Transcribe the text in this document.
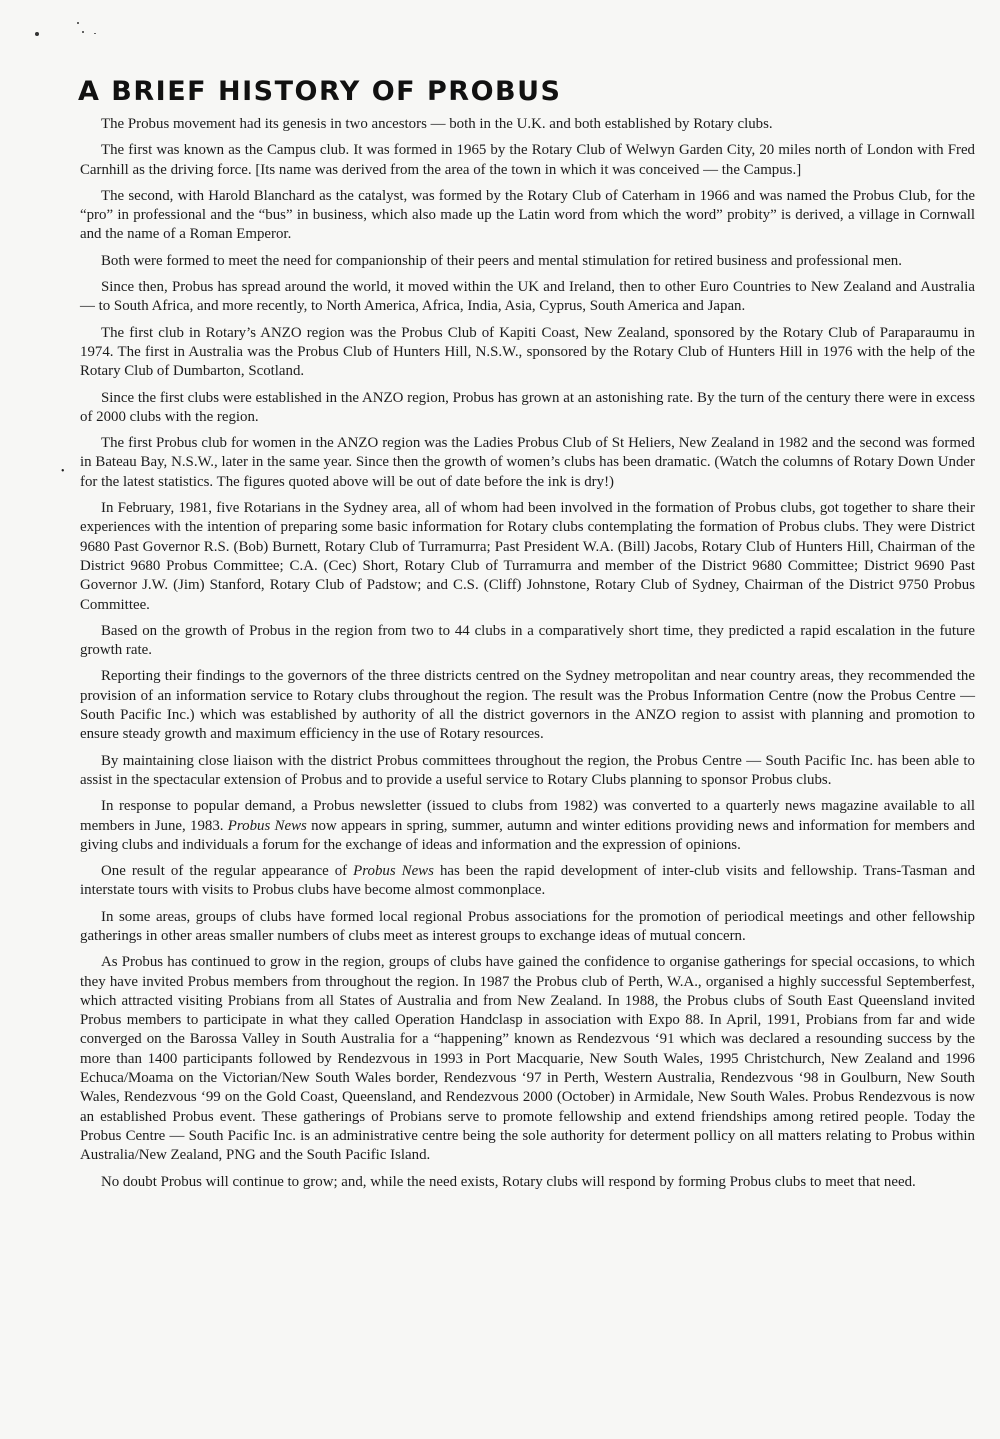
A BRIEF HISTORY OF PROBUS
•

The Probus movement had its genesis in two ancestors — both in the U.K. and both established by Rotary clubs.

The first was known as the Campus club. It was formed in 1965 by the Rotary Club of Welwyn Garden City, 20 miles north of London with Fred Carnhill as the driving force. [Its name was derived from the area of the town in which it was conceived — the Campus.]

The second, with Harold Blanchard as the catalyst, was formed by the Rotary Club of Caterham in 1966 and was named the Probus Club, for the “pro” in professional and the “bus” in business, which also made up the Latin word from which the word” probity” is derived, a village in Cornwall and the name of a Roman Emperor.

Both were formed to meet the need for companionship of their peers and mental stimulation for retired business and professional men.

Since then, Probus has spread around the world, it moved within the UK and Ireland, then to other Euro Countries to New Zealand and Australia — to South Africa, and more recently, to North America, Africa, India, Asia, Cyprus, South America and Japan.

The first club in Rotary’s ANZO region was the Probus Club of Kapiti Coast, New Zealand, sponsored by the Rotary Club of Paraparaumu in 1974. The first in Australia was the Probus Club of Hunters Hill, N.S.W., sponsored by the Rotary Club of Hunters Hill in 1976 with the help of the Rotary Club of Dumbarton, Scotland.

Since the first clubs were established in the ANZO region, Probus has grown at an astonishing rate. By the turn of the century there were in excess of 2000 clubs with the region.

The first Probus club for women in the ANZO region was the Ladies Probus Club of St Heliers, New Zealand in 1982 and the second was formed in Bateau Bay, N.S.W., later in the same year. Since then the growth of women’s clubs has been dramatic. (Watch the columns of Rotary Down Under for the latest statistics. The figures quoted above will be out of date before the ink is dry!)

In February, 1981, five Rotarians in the Sydney area, all of whom had been involved in the formation of Probus clubs, got together to share their experiences with the intention of preparing some basic information for Rotary clubs contemplating the formation of Probus clubs. They were District 9680 Past Governor R.S. (Bob) Burnett, Rotary Club of Turramurra; Past President W.A. (Bill) Jacobs, Rotary Club of Hunters Hill, Chairman of the District 9680 Probus Committee; C.A. (Cec) Short, Rotary Club of Turramurra and member of the District 9680 Committee; District 9690 Past Governor J.W. (Jim) Stanford, Rotary Club of Padstow; and C.S. (Cliff) Johnstone, Rotary Club of Sydney, Chairman of the District 9750 Probus Committee.

Based on the growth of Probus in the region from two to 44 clubs in a comparatively short time, they predicted a rapid escalation in the future growth rate.

Reporting their findings to the governors of the three districts centred on the Sydney metropolitan and near country areas, they recommended the provision of an information service to Rotary clubs throughout the region. The result was the Probus Information Centre (now the Probus Centre — South Pacific Inc.) which was established by authority of all the district governors in the ANZO region to assist with planning and promotion to ensure steady growth and maximum efficiency in the use of Rotary resources.

By maintaining close liaison with the district Probus committees throughout the region, the Probus Centre — South Pacific Inc. has been able to assist in the spectacular extension of Probus and to provide a useful service to Rotary Clubs planning to sponsor Probus clubs.

In response to popular demand, a Probus newsletter (issued to clubs from 1982) was converted to a quarterly news magazine available to all members in June, 1983. Probus News now appears in spring, summer, autumn and winter editions providing news and information for members and giving clubs and individuals a forum for the exchange of ideas and information and the expression of opinions.

One result of the regular appearance of Probus News has been the rapid development of inter-club visits and fellowship. Trans-Tasman and interstate tours with visits to Probus clubs have become almost commonplace.

In some areas, groups of clubs have formed local regional Probus associations for the promotion of periodical meetings and other fellowship gatherings in other areas smaller numbers of clubs meet as interest groups to exchange ideas of mutual concern.

As Probus has continued to grow in the region, groups of clubs have gained the confidence to organise gatherings for special occasions, to which they have invited Probus members from throughout the region. In 1987 the Probus club of Perth, W.A., organised a highly successful Septemberfest, which attracted visiting Probians from all States of Australia and from New Zealand. In 1988, the Probus clubs of South East Queensland invited Probus members to participate in what they called Operation Handclasp in association with Expo 88. In April, 1991, Probians from far and wide converged on the Barossa Valley in South Australia for a “happening” known as Rendezvous ‘91 which was declared a resounding success by the more than 1400 participants followed by Rendezvous in 1993 in Port Macquarie, New South Wales, 1995 Christchurch, New Zealand and 1996 Echuca/Moama on the Victorian/New South Wales border, Rendezvous ‘97 in Perth, Western Australia, Rendezvous ‘98 in Goulburn, New South Wales, Rendezvous ‘99 on the Gold Coast, Queensland, and Rendezvous 2000 (October) in Armidale, New South Wales. Probus Rendezvous is now an established Probus event. These gatherings of Probians serve to promote fellowship and extend friendships among retired people. Today the Probus Centre — South Pacific Inc. is an administrative centre being the sole authority for determent pollicy on all matters relating to Probus within Australia/New Zealand, PNG and the South Pacific Island.

No doubt Probus will continue to grow; and, while the need exists, Rotary clubs will respond by forming Probus clubs to meet that need.
